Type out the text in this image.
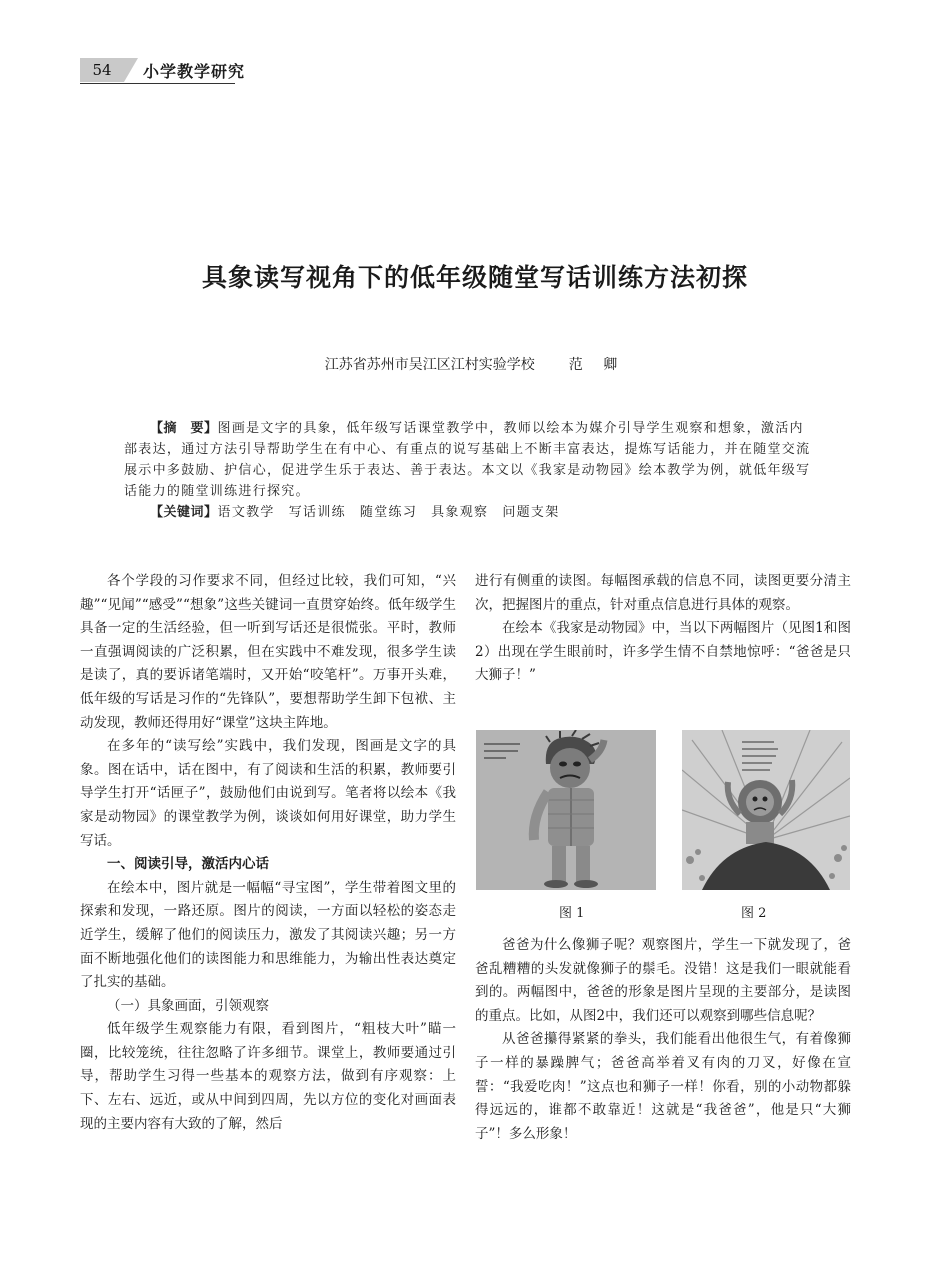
54	小学教学研究
具象读写视角下的低年级随堂写话训练方法初探
江苏省苏州市吴江区江村实验学校 范 卿

【摘　要】图画是文字的具象，低年级写话课堂教学中，教师以绘本为媒介引导学生观察和想象，激活内部表达，通过方法引导帮助学生在有中心、有重点的说写基础上不断丰富表达，提炼写话能力，并在随堂交流展示中多鼓励、护信心，促进学生乐于表达、善于表达。本文以《我家是动物园》绘本教学为例，就低年级写话能力的随堂训练进行探究。

【关键词】语文教学 写话训练 随堂练习 具象观察 问题支架

各个学段的习作要求不同，但经过比较，我们可知，“兴趣”“见闻”“感受”“想象”这些关键词一直贯穿始终。低年级学生具备一定的生活经验，但一听到写话还是很慌张。平时，教师一直强调阅读的广泛积累，但在实践中不难发现，很多学生读是读了，真的要诉诸笔端时，又开始“咬笔杆”。万事开头难，低年级的写话是习作的“先锋队”，要想帮助学生卸下包袱、主动发现，教师还得用好“课堂”这块主阵地。

在多年的“读写绘”实践中，我们发现，图画是文字的具象。图在话中，话在图中，有了阅读和生活的积累，教师要引导学生打开“话匣子”，鼓励他们由说到写。笔者将以绘本《我家是动物园》的课堂教学为例，谈谈如何用好课堂，助力学生写话。

一、阅读引导，激活内心话

在绘本中，图片就是一幅幅“寻宝图”，学生带着图文里的探索和发现，一路还原。图片的阅读，一方面以轻松的姿态走近学生，缓解了他们的阅读压力，激发了其阅读兴趣；另一方面不断地强化他们的读图能力和思维能力，为输出性表达奠定了扎实的基础。

（一）具象画面，引领观察

低年级学生观察能力有限，看到图片，“粗枝大叶”瞄一圈，比较笼统，往往忽略了许多细节。课堂上，教师要通过引导，帮助学生习得一些基本的观察方法，做到有序观察：上下、左右、远近，或从中间到四周，先以方位的变化对画面表现的主要内容有大致的了解，然后

进行有侧重的读图。每幅图承载的信息不同，读图更要分清主次，把握图片的重点，针对重点信息进行具体的观察。

在绘本《我家是动物园》中，当以下两幅图片（见图1和图2）出现在学生眼前时，许多学生情不自禁地惊呼：“爸爸是只大狮子！”

图 1	图 2

爸爸为什么像狮子呢？观察图片，学生一下就发现了，爸爸乱糟糟的头发就像狮子的鬃毛。没错！这是我们一眼就能看到的。两幅图中，爸爸的形象是图片呈现的主要部分，是读图的重点。比如，从图2中，我们还可以观察到哪些信息呢？

从爸爸攥得紧紧的拳头，我们能看出他很生气，有着像狮子一样的暴躁脾气；爸爸高举着叉有肉的刀叉，好像在宣誓：“我爱吃肉！”这点也和狮子一样！你看，别的小动物都躲得远远的，谁都不敢靠近！这就是“我爸爸”，他是只“大狮子”！多么形象！
